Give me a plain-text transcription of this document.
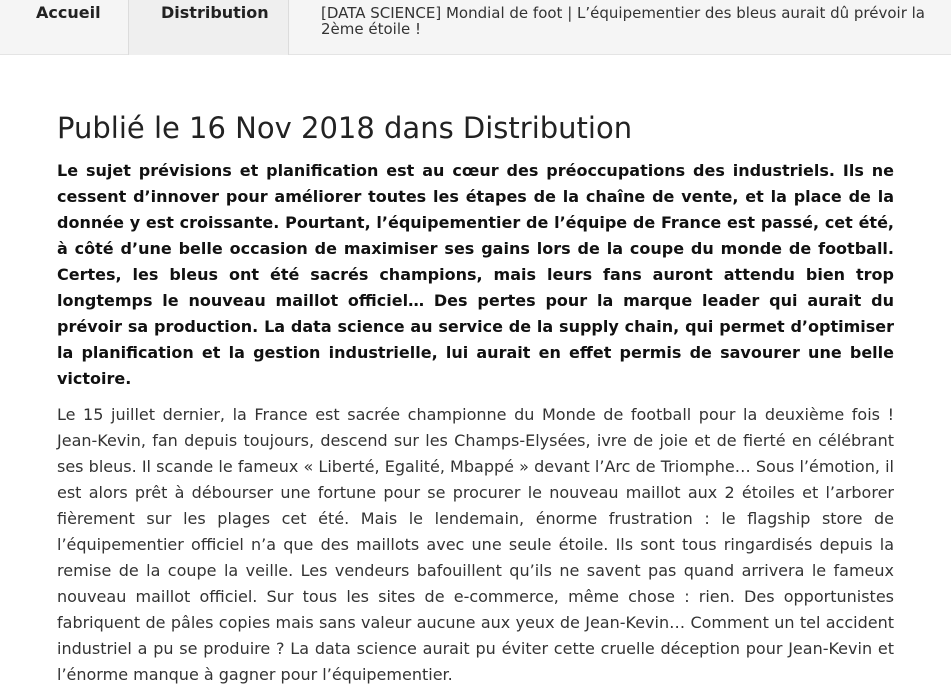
Accueil	Distribution	[DATA SCIENCE] Mondial de foot | L’équipementier des bleus aurait dû prévoir la 2ème étoile !
Publié le 16 Nov 2018 dans Distribution

Le sujet prévisions et planification est au cœur des préoccupations des industriels. Ils ne cessent d’innover pour améliorer toutes les étapes de la chaîne de vente, et la place de la donnée y est croissante. Pourtant, l’équipementier de l’équipe de France est passé, cet été, à côté d’une belle occasion de maximiser ses gains lors de la coupe du monde de football. Certes, les bleus ont été sacrés champions, mais leurs fans auront attendu bien trop longtemps le nouveau maillot officiel… Des pertes pour la marque leader qui aurait du prévoir sa production. La data science au service de la supply chain, qui permet d’optimiser la planification et la gestion industrielle, lui aurait en effet permis de savourer une belle victoire.

Le 15 juillet dernier, la France est sacrée championne du Monde de football pour la deuxième fois ! Jean-Kevin, fan depuis toujours, descend sur les Champs-Elysées, ivre de joie et de fierté en célébrant ses bleus. Il scande le fameux « Liberté, Egalité, Mbappé » devant l’Arc de Triomphe… Sous l’émotion, il est alors prêt à débourser une fortune pour se procurer le nouveau maillot aux 2 étoiles et l’arborer fièrement sur les plages cet été. Mais le lendemain, énorme frustration : le flagship store de l’équipementier officiel n’a que des maillots avec une seule étoile. Ils sont tous ringardisés depuis la remise de la coupe la veille. Les vendeurs bafouillent qu’ils ne savent pas quand arrivera le fameux nouveau maillot officiel. Sur tous les sites de e-commerce, même chose : rien. Des opportunistes fabriquent de pâles copies mais sans valeur aucune aux yeux de Jean-Kevin… Comment un tel accident industriel a pu se produire ? La data science aurait pu éviter cette cruelle déception pour Jean-Kevin et l’énorme manque à gagner pour l’équipementier.
